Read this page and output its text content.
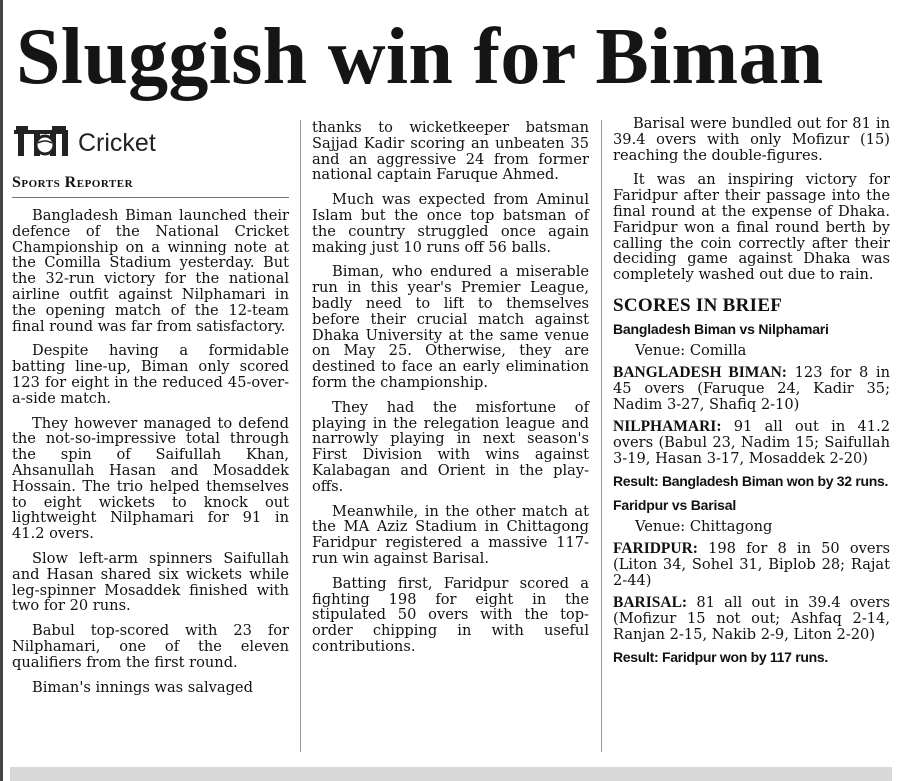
Sluggish win for Biman
Cricket
Sports Reporter

Bangladesh Biman launched their defence of the National Cricket Championship on a winning note at the Comilla Stadium yesterday. But the 32-run victory for the national airline outfit against Nilphamari in the opening match of the 12-team final round was far from satisfactory.

Despite having a formidable batting line-up, Biman only scored 123 for eight in the reduced 45-over-a-side match.

They however managed to defend the not-so-impressive total through the spin of Saifullah Khan, Ahsanullah Hasan and Mosaddek Hossain. The trio helped themselves to eight wickets to knock out lightweight Nilphamari for 91 in 41.2 overs.

Slow left-arm spinners Saifullah and Hasan shared six wickets while leg-spinner Mosaddek finished with two for 20 runs.

Babul top-scored with 23 for Nilphamari, one of the eleven qualifiers from the first round.

Biman's innings was salvaged

thanks to wicketkeeper batsman Sajjad Kadir scoring an unbeaten 35 and an aggressive 24 from former national captain Faruque Ahmed.

Much was expected from Aminul Islam but the once top batsman of the country struggled once again making just 10 runs off 56 balls.

Biman, who endured a miserable run in this year's Premier League, badly need to lift to themselves before their crucial match against Dhaka University at the same venue on May 25. Otherwise, they are destined to face an early elimination form the championship.

They had the misfortune of playing in the relegation league and narrowly playing in next season's First Division with wins against Kalabagan and Orient in the play-offs.

Meanwhile, in the other match at the MA Aziz Stadium in Chittagong Faridpur registered a massive 117-run win against Barisal.

Batting first, Faridpur scored a fighting 198 for eight in the stipulated 50 overs with the top-order chipping in with useful contributions.

Barisal were bundled out for 81 in 39.4 overs with only Mofizur (15) reaching the double-figures.

It was an inspiring victory for Faridpur after their passage into the final round at the expense of Dhaka. Faridpur won a final round berth by calling the coin correctly after their deciding game against Dhaka was completely washed out due to rain.

SCORES IN BRIEF
Bangladesh Biman vs Nilphamari
Venue: Comilla
BANGLADESH BIMAN: 123 for 8 in 45 overs (Faruque 24, Kadir 35; Nadim 3-27, Shafiq 2-10)
NILPHAMARI: 91 all out in 41.2 overs (Babul 23, Nadim 15; Saifullah 3-19, Hasan 3-17, Mosaddek 2-20)
Result: Bangladesh Biman won by 32 runs.
Faridpur vs Barisal
Venue: Chittagong
FARIDPUR: 198 for 8 in 50 overs (Liton 34, Sohel 31, Biplob 28; Rajat 2-44)
BARISAL: 81 all out in 39.4 overs (Mofizur 15 not out; Ashfaq 2-14, Ranjan 2-15, Nakib 2-9, Liton 2-20)
Result: Faridpur won by 117 runs.
